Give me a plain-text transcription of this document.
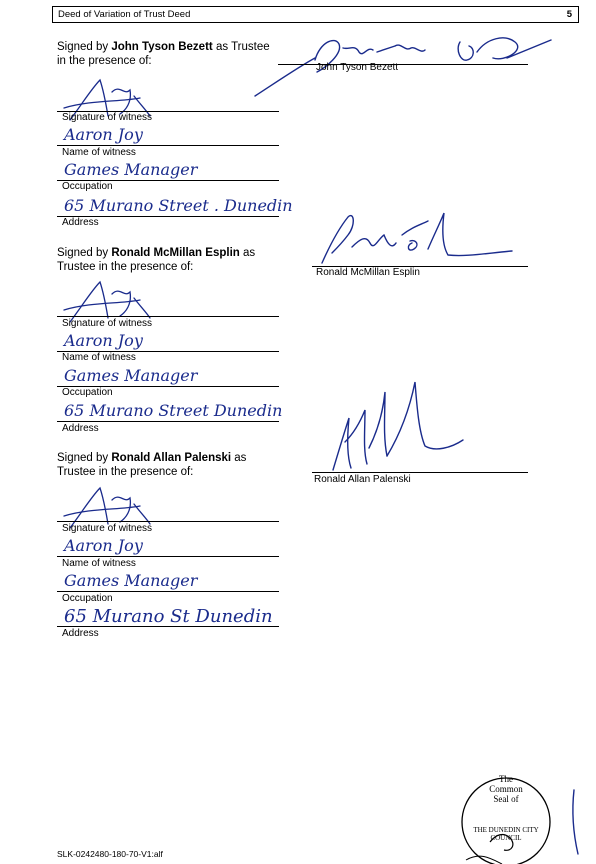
Deed of Variation of Trust Deed	5
Signed by John Tyson Bezett as Trustee
in the presence of:
John Tyson Bezett
Signature of witness
Aaron Joy
Name of witness
Games Manager
Occupation
65 Murano Street . Dunedin
Address
Signed by Ronald McMillan Esplin as
Trustee in the presence of:	Ronald McMillan Esplin
Signature of witness
Aaron Joy
Name of witness
Games Manager
Occupation
65 Murano Street Dunedin
Address
Signed by Ronald Allan Palenski as
Trustee in the presence of:
Ronald Allan Palenski
Signature of witness
Aaron Joy
Name of witness
Games Manager
Occupation
65 Murano St Dunedin
Address
The
Common
Seal of
THE DUNEDIN CITY
COUNCIL
SLK-0242480-180-70-V1:alf
